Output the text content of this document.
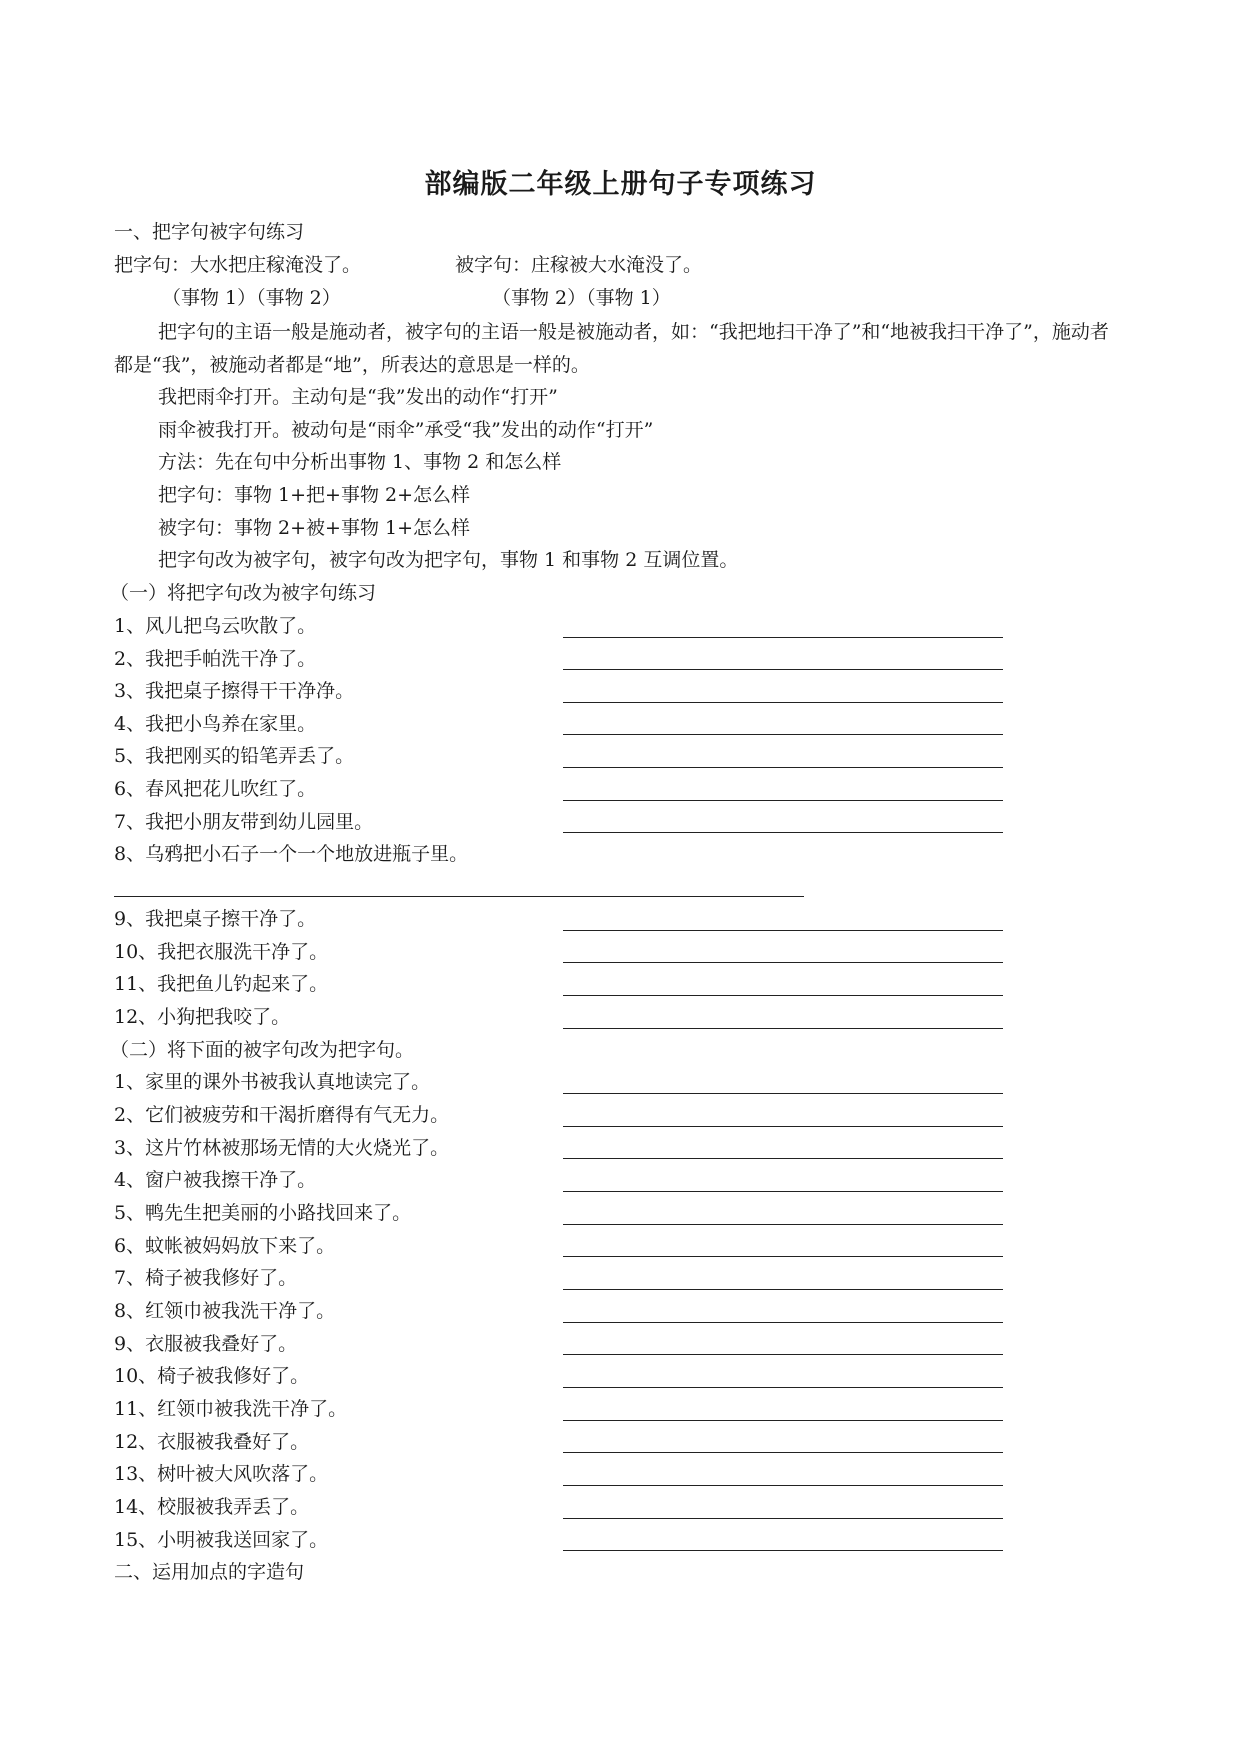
部编版二年级上册句子专项练习
一、把字句被字句练习
把字句：大水把庄稼淹没了。	被字句：庄稼被大水淹没了。
（事物 1）（事物 2）	（事物 2）（事物 1）
把字句的主语一般是施动者，被字句的主语一般是被施动者，如：“我把地扫干净了”和“地被我扫干净了”，施动者都是“我”，被施动者都是“地”，所表达的意思是一样的。
我把雨伞打开。主动句是“我”发出的动作“打开”
雨伞被我打开。被动句是“雨伞”承受“我”发出的动作“打开”
方法：先在句中分析出事物 1、事物 2 和怎么样
把字句：事物 1+把+事物 2+怎么样
被字句：事物 2+被+事物 1+怎么样
把字句改为被字句，被字句改为把字句，事物 1 和事物 2 互调位置。
（一）将把字句改为被字句练习
1、风儿把乌云吹散了。
2、我把手帕洗干净了。
3、我把桌子擦得干干净净。
4、我把小鸟养在家里。
5、我把刚买的铅笔弄丢了。
6、春风把花儿吹红了。
7、我把小朋友带到幼儿园里。
8、乌鸦把小石子一个一个地放进瓶子里。
9、我把桌子擦干净了。
10、我把衣服洗干净了。
11、我把鱼儿钓起来了。
12、小狗把我咬了。
（二）将下面的被字句改为把字句。
1、家里的课外书被我认真地读完了。
2、它们被疲劳和干渴折磨得有气无力。
3、这片竹林被那场无情的大火烧光了。
4、窗户被我擦干净了。
5、鸭先生把美丽的小路找回来了。
6、蚊帐被妈妈放下来了。
7、椅子被我修好了。
8、红领巾被我洗干净了。
9、衣服被我叠好了。
10、椅子被我修好了。
11、红领巾被我洗干净了。
12、衣服被我叠好了。
13、树叶被大风吹落了。
14、校服被我弄丢了。
15、小明被我送回家了。
二、运用加点的字造句
